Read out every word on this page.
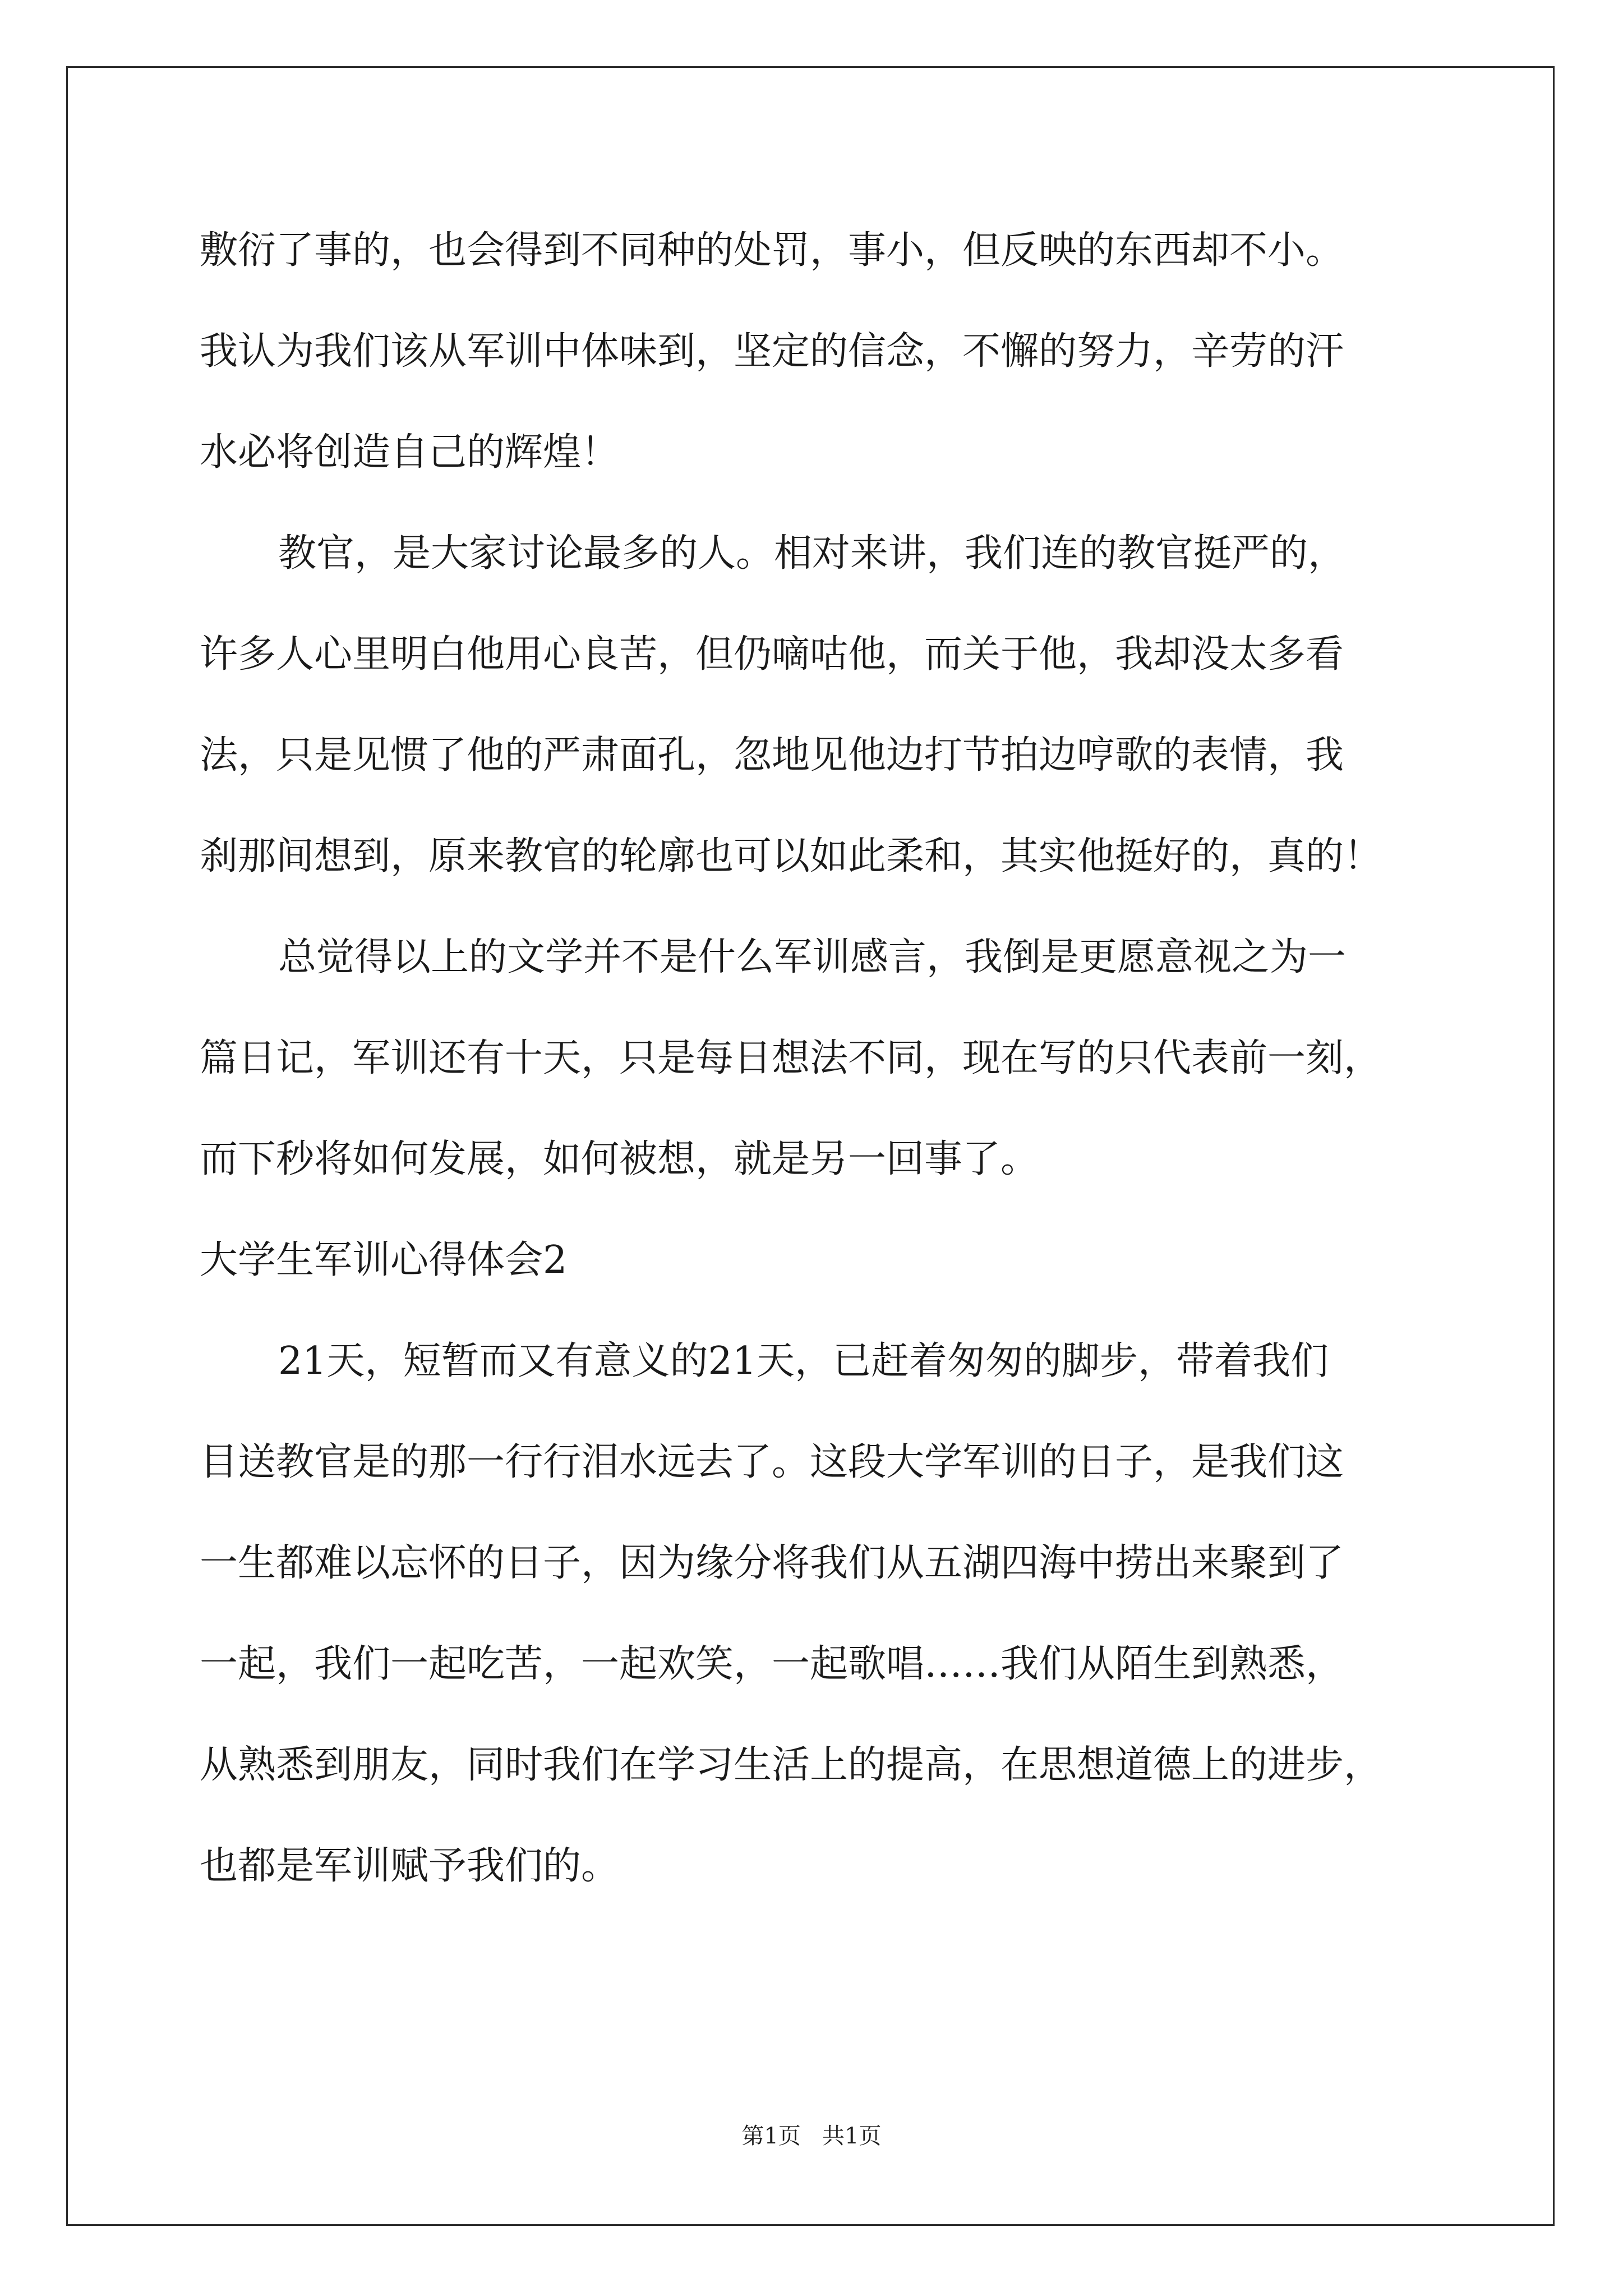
敷衍了事的，也会得到不同种的处罚，事小，但反映的东西却不小。
我认为我们该从军训中体味到，坚定的信念，不懈的努力，辛劳的汗
水必将创造自己的辉煌！
教官，是大家讨论最多的人。相对来讲，我们连的教官挺严的，
许多人心里明白他用心良苦，但仍嘀咕他，而关于他，我却没太多看
法，只是见惯了他的严肃面孔，忽地见他边打节拍边哼歌的表情，我
刹那间想到，原来教官的轮廓也可以如此柔和，其实他挺好的，真的！
总觉得以上的文学并不是什么军训感言，我倒是更愿意视之为一
篇日记，军训还有十天，只是每日想法不同，现在写的只代表前一刻，
而下秒将如何发展，如何被想，就是另一回事了。
大学生军训心得体会2
21天，短暂而又有意义的21天，已赶着匆匆的脚步，带着我们
目送教官是的那一行行泪水远去了。这段大学军训的日子，是我们这
一生都难以忘怀的日子，因为缘分将我们从五湖四海中捞出来聚到了
一起，我们一起吃苦，一起欢笑，一起歌唱……我们从陌生到熟悉，
从熟悉到朋友，同时我们在学习生活上的提高，在思想道德上的进步，
也都是军训赋予我们的。
第1页   共1页
